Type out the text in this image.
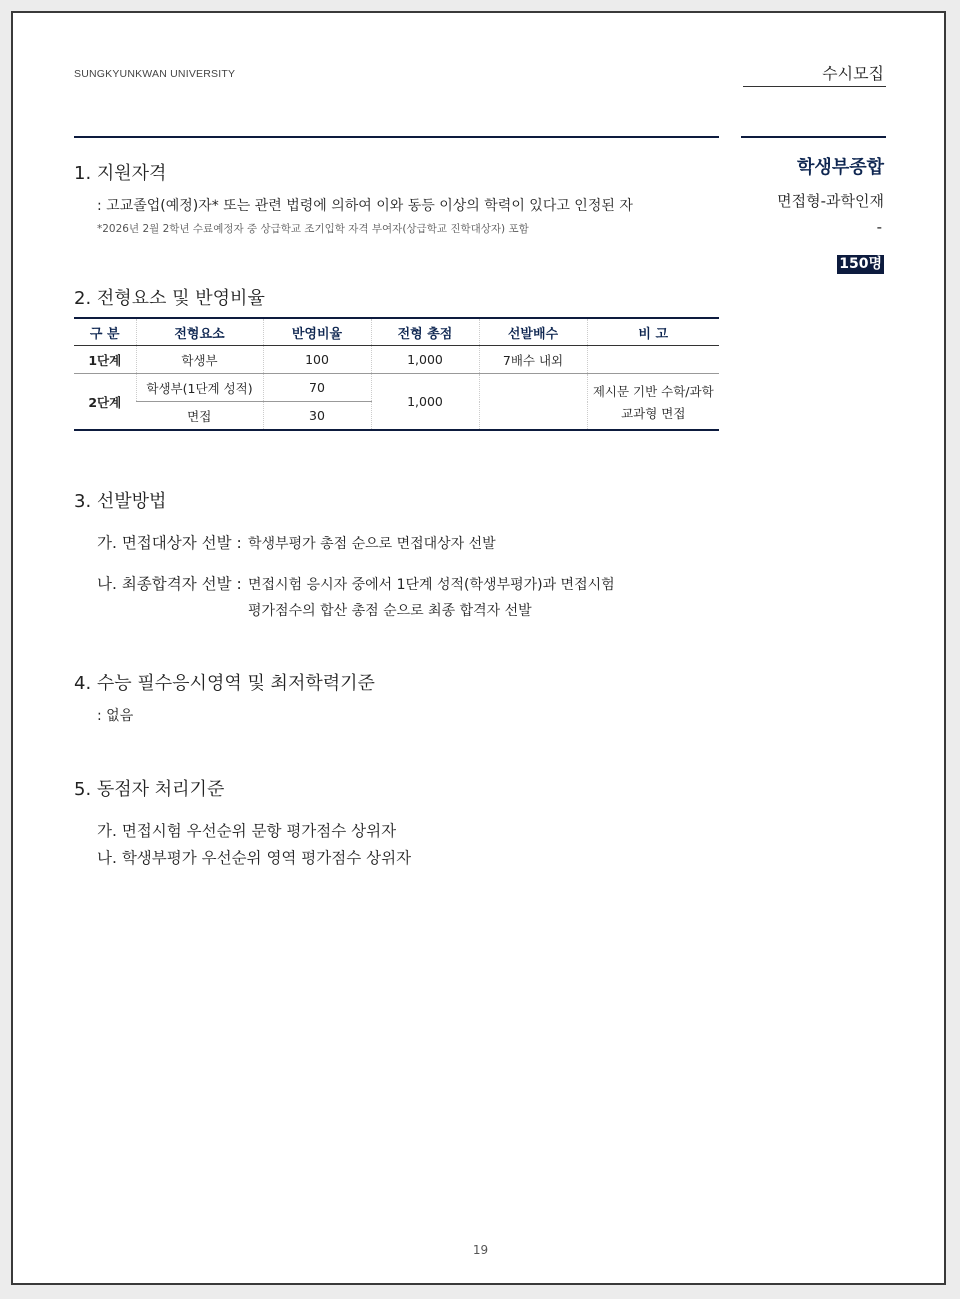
SUNGKYUNKWAN UNIVERSITY	수시모집
학생부종합
면접형-과학인재
-
150명
1. 지원자격
: 고교졸업(예정)자* 또는 관련 법령에 의하여 이와 동등 이상의 학력이 있다고 인정된 자
*2026년 2월 2학년 수료예정자 중 상급학교 조기입학 자격 부여자(상급학교 진학대상자) 포함
2. 전형요소 및 반영비율
구 분	전형요소	반영비율	전형 총점	선발배수	비 고
1단계	학생부	100	1,000	7배수 내외	
2단계	학생부(1단계 성적)	70	1,000		제시문 기반 수학/과학
교과형 면접

	면접	30			
3. 선발방법
가. 면접대상자 선발 : 학생부평가 총점 순으로 면접대상자 선발
나. 최종합격자 선발 : 면접시험 응시자 중에서 1단계 성적(학생부평가)과 면접시험
평가점수의 합산 총점 순으로 최종 합격자 선발
4. 수능 필수응시영역 및 최저학력기준
: 없음
5. 동점자 처리기준
가. 면접시험 우선순위 문항 평가점수 상위자
나. 학생부평가 우선순위 영역 평가점수 상위자
19
